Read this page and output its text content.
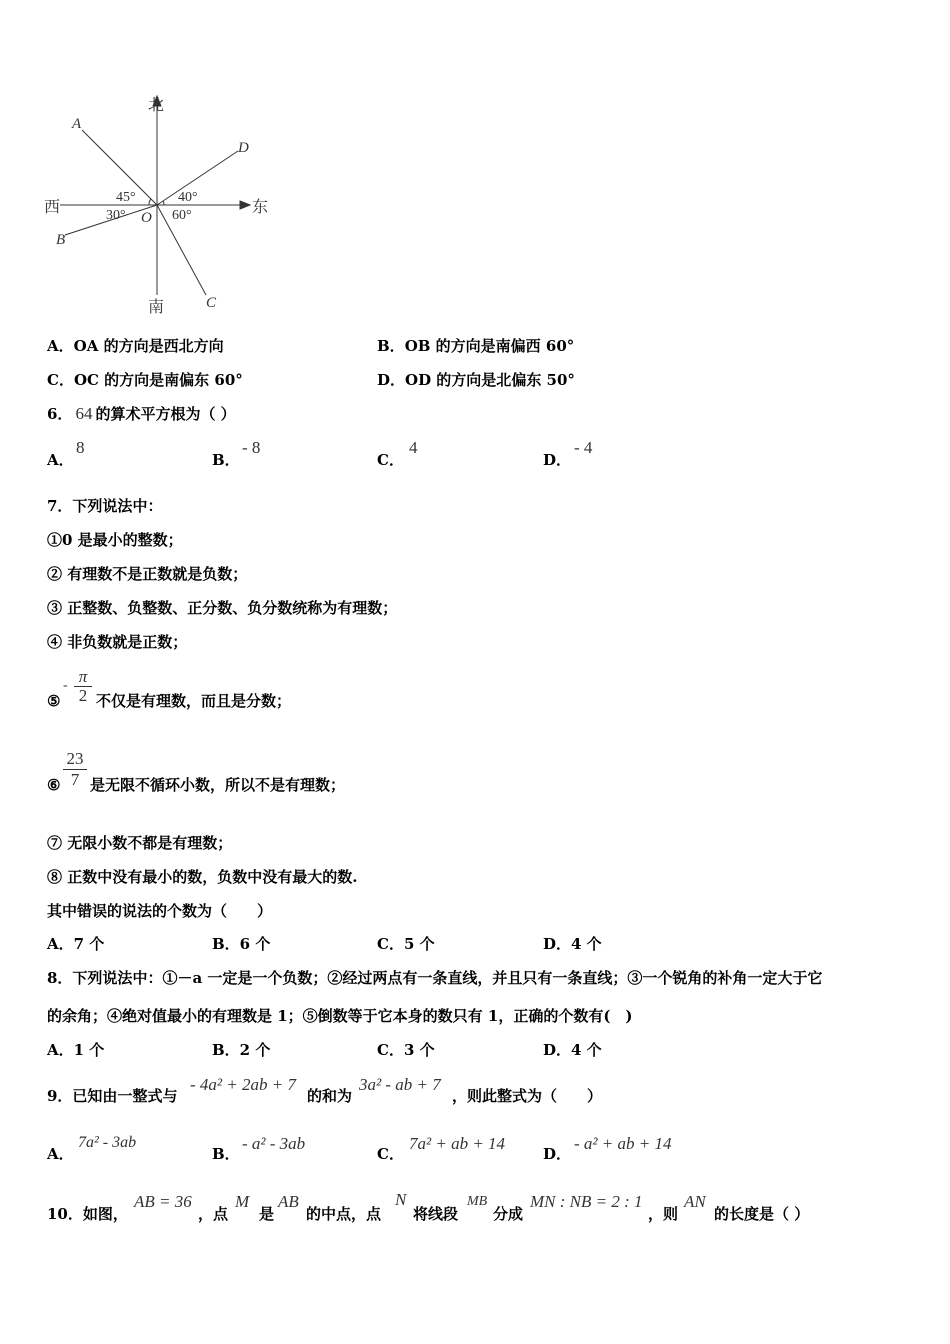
北
南
西	东
A
B
C
D
O
45°	40°
30°	60°
A．OA 的方向是西北方向	B．OB 的方向是南偏西 60°
C．OC 的方向是南偏东 60°	D．OD 的方向是北偏东 50°
6． 64 的算术平方根为（ ）
A．
8
B．
- 8
C．
4
D．
- 4
7．下列说法中：
①0 是最小的整数；
② 有理数不是正数就是负数；
③ 正整数、负整数、正分数、负分数统称为有理数；
④ 非负数就是正数；
⑤
- π
2 不仅是有理数，而且是分数；
⑥
23
7 是无限不循环小数，所以不是有理数；
⑦ 无限小数不都是有理数；
⑧ 正数中没有最小的数，负数中没有最大的数.
其中错误的说法的个数为（　　）
A．7 个	B．6 个	C．5 个	D．4 个
8．下列说法中：①－a 一定是一个负数；②经过两点有一条直线，并且只有一条直线；③一个锐角的补角一定大于它
的余角；④绝对值最小的有理数是 1；⑤倒数等于它本身的数只有 1，正确的个数有(　)
A．1 个	B．2 个	C．3 个	D．4 个
9．已知由一整式与
- 4a² + 2ab + 7
的和为
3a² - ab + 7
，则此整式为（　　）
A．
7a² - 3ab
B．
- a² - 3ab
C．
7a² + ab + 14
D．
- a² + ab + 14
10．如图，
AB = 36
，点
M
是
AB
的中点，点
N
将线段
MB
分成
MN : NB = 2 : 1
，则
AN
的长度是（ ）
